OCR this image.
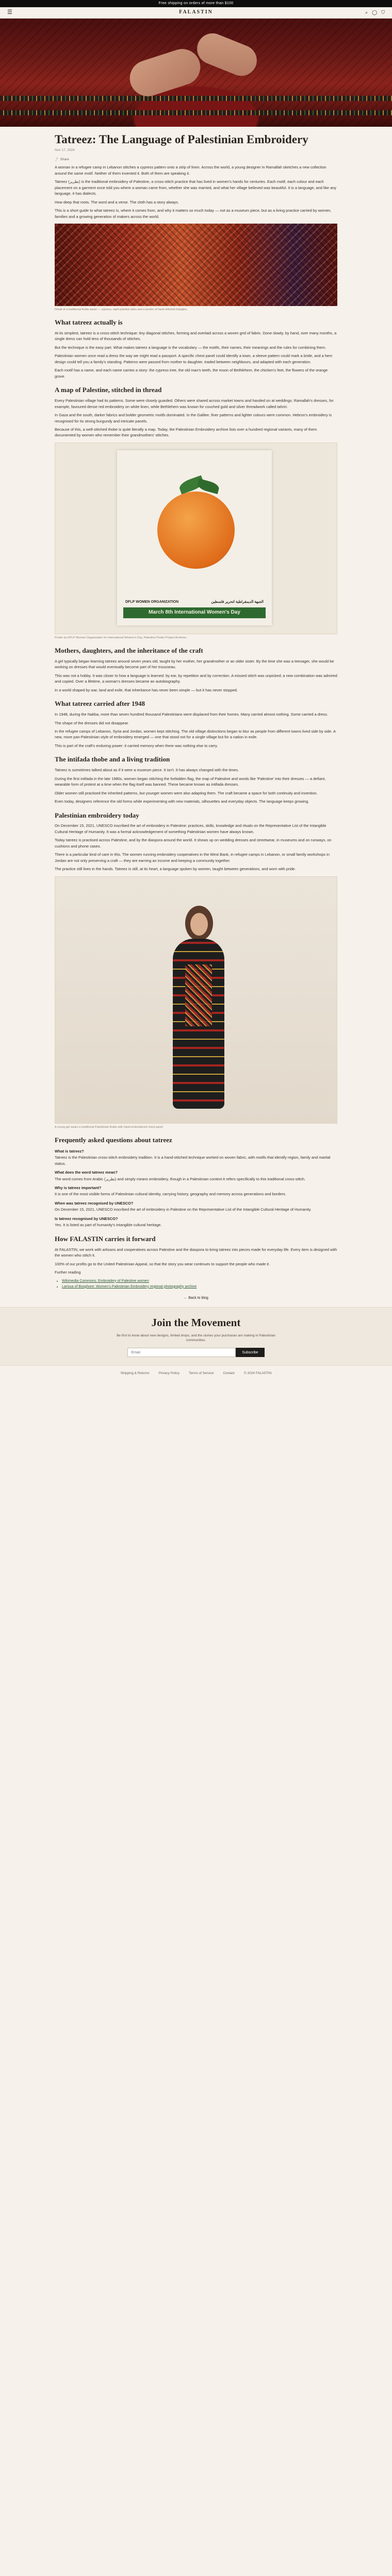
Free shipping on orders of more than $100
☰	FALASTIN	⌕ ◯ ⛉
Tatreez: The Language of Palestinian Embroidery
Nov 17, 2024
⤴ Share

A woman in a refugee camp in Lebanon stitches a cypress pattern onto a strip of linen. Across the world, a young designer in Ramallah sketches a new collection around the same motif. Neither of them invented it. Both of them are speaking it.

Tatreez (تطريز) is the traditional embroidery of Palestine, a cross-stitch practice that has lived in women's hands for centuries. Each motif, each colour and each placement on a garment once told you where a woman came from, whether she was married, and what her village believed was beautiful. It is a language, and like any language, it has dialects.

How deep that roots. The word and a verse. The cloth has a story always.

This is a short guide to what tatreez is, where it comes from, and why it matters so much today — not as a museum piece, but as a living practice carried by women, families and a growing generation of makers across the world.

Detail of a traditional thobe panel — cypress, eight-pointed stars and a border of hand-stitched triangles.
What tatreez actually is

At its simplest, tatreez is a cross-stitch technique: tiny diagonal stitches, forming and overlaid across a woven grid of fabric. Done slowly, by hand, over many months, a single dress can hold tens of thousands of stitches.

But the technique is the easy part. What makes tatreez a language is the vocabulary — the motifs, their names, their meanings and the rules for combining them.

Palestinian women once read a dress the way we might read a passport. A specific chest panel could identify a town, a sleeve pattern could mark a bride, and a hem design could tell you a family's standing. Patterns were passed from mother to daughter, traded between neighbours, and adapted with each generation.

Each motif has a name, and each name carries a story: the cypress tree, the old man's teeth, the moon of Bethlehem, the chicken's feet, the flowers of the orange grove.

A map of Palestine, stitched in thread

Every Palestinian village had its patterns. Some were closely guarded. Others were shared across market towns and handed on at weddings. Ramallah's dresses, for example, favoured dense red embroidery on white linen, while Bethlehem was known for couched gold and silver threadwork called tahriri.

In Gaza and the south, darker fabrics and bolder geometric motifs dominated. In the Galilee, finer patterns and lighter colours were common. Hebron's embroidery is recognised for its strong burgundy and intricate panels.

Because of this, a well-stitched thobe is quite literally a map. Today, the Palestinian Embroidery archive lists over a hundred regional variants, many of them documented by women who remember their grandmothers' stitches.

DFLP WOMEN ORGANIZATION	الجبهة الديمقراطية لتحرير فلسطين
March 8th International Women's Day
Poster by DFLP Women Organization for International Women's Day, Palestine Poster Project Archives.
Mothers, daughters, and the inheritance of the craft

A girl typically began learning tatreez around seven years old, taught by her mother, her grandmother or an older sister. By the time she was a teenager, she would be working on dresses that would eventually become part of her trousseau.

This was not a hobby. It was closer to how a language is learned: by ear, by repetition and by correction. A missed stitch was unpicked; a new combination was admired and copied. Over a lifetime, a woman's dresses became an autobiography.

In a world shaped by war, land and exile, that inheritance has never been simple — but it has never stopped.

What tatreez carried after 1948

In 1948, during the Nakba, more than seven hundred thousand Palestinians were displaced from their homes. Many carried almost nothing. Some carried a dress.

The shape of the dresses did not disappear.

In the refugee camps of Lebanon, Syria and Jordan, women kept stitching. The old village distinctions began to blur as people from different towns lived side by side. A new, more pan-Palestinian style of embroidery emerged — one that stood not for a single village but for a nation in exile.

This is part of the craft's enduring power: it carried memory when there was nothing else to carry.

The intifada thobe and a living tradition

Tatreez is sometimes talked about as if it were a museum piece. It isn't. It has always changed with the times.

During the first intifada in the late 1980s, women began stitching the forbidden flag, the map of Palestine and words like 'Palestine' into their dresses — a defiant, wearable form of protest at a time when the flag itself was banned. These became known as intifada dresses.

Older women still practised the inherited patterns, but younger women were also adapting them. The craft became a space for both continuity and invention.

Even today, designers reference the old forms while experimenting with new materials, silhouettes and everyday objects. The language keeps growing.

Palestinian embroidery today

On December 15, 2021, UNESCO inscribed the art of embroidery in Palestine: practices, skills, knowledge and rituals on the Representative List of the Intangible Cultural Heritage of Humanity. It was a formal acknowledgement of something Palestinian women have always known.

Today tatreez is practised across Palestine, and by the diaspora around the world. It shows up on wedding dresses and streetwear, in museums and on runways, on cushions and phone cases.

There is a particular kind of care in this. The women running embroidery cooperatives in the West Bank, in refugee camps in Lebanon, or small family workshops in Jordan are not only preserving a craft — they are earning an income and keeping a community together.

The practice still lives in the hands. Tatreez is still, at its heart, a language spoken by women, taught between generations, and worn with pride.

A young girl wears a traditional Palestinian thobe with hand-embroidered chest panel.
Frequently asked questions about tatreez

What is tatreez?

Tatreez is the Palestinian cross-stitch embroidery tradition. It is a hand-stitched technique worked on woven fabric, with motifs that identify region, family and marital status.

What does the word tatreez mean?

The word comes from Arabic (تطريز) and simply means embroidery, though in a Palestinian context it refers specifically to this traditional cross-stitch.

Why is tatreez important?

It is one of the most visible forms of Palestinian cultural identity, carrying history, geography and memory across generations and borders.

When was tatreez recognised by UNESCO?

On December 15, 2021, UNESCO inscribed the art of embroidery in Palestine on the Representative List of the Intangible Cultural Heritage of Humanity.

Is tatreez recognised by UNESCO?

Yes. It is listed as part of humanity's intangible cultural heritage.

How FALASTIN carries it forward

At FALASTIN, we work with artisans and cooperatives across Palestine and the diaspora to bring tatreez into pieces made for everyday life. Every item is designed with the women who stitch it.

100% of our profits go to the United Palestinian Appeal, so that the story you wear continues to support the people who made it.

Further reading

• Wikimedia Commons: Embroidery of Palestine women
• Larissa of Bosphore: Women's Palestinian Embroidery regional photography archive
← Back to blog
Join the Movement
Be first to know about new designs, limited drops, and the stories your purchases are making in Palestinian communities.
Email
Subscribe
Shipping & Returns	Privacy Policy	Terms of Service	Contact	© 2024 FALASTIN
